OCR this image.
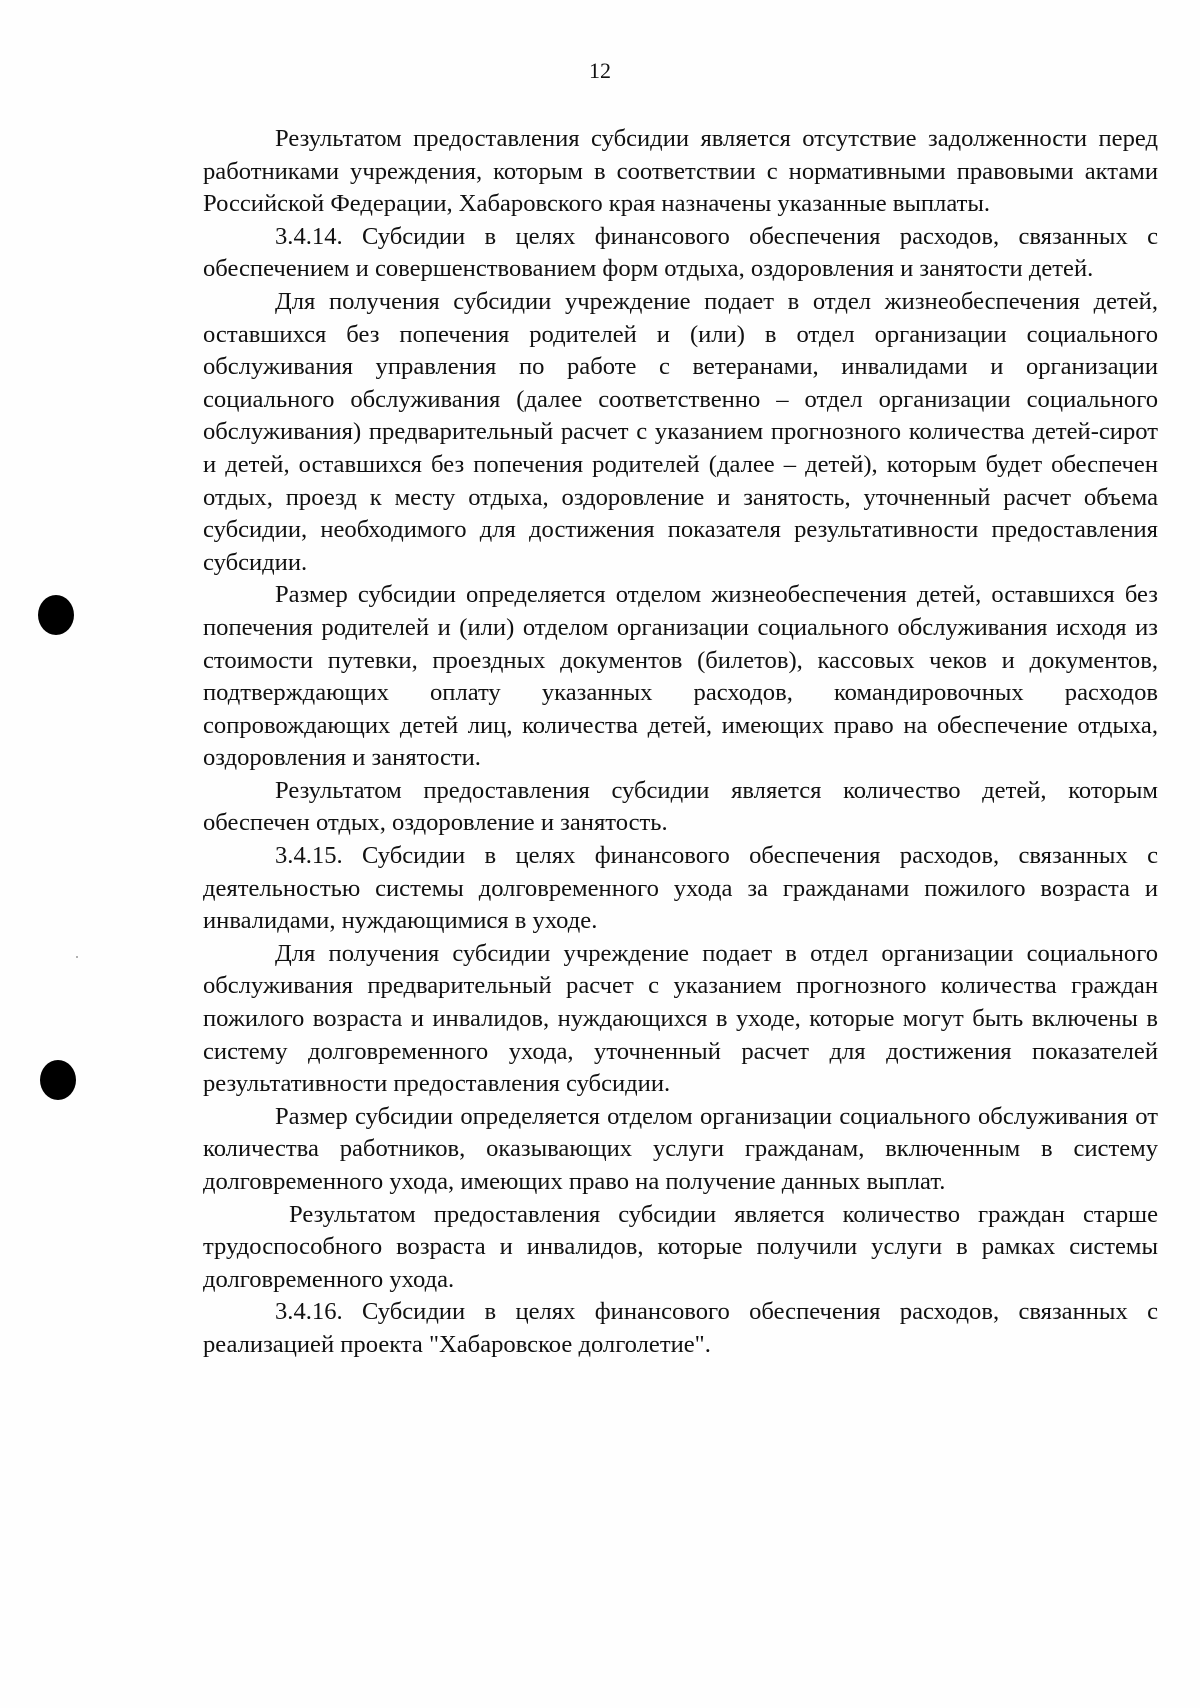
12

Результатом предоставления субсидии является отсутствие задолженности перед работниками учреждения, которым в соответствии с нормативными правовыми актами Российской Федерации, Хабаровского края назначены указанные выплаты.

3.4.14. Субсидии в целях финансового обеспечения расходов, связанных с обеспечением и совершенствованием форм отдыха, оздоровления и занятости детей.

Для получения субсидии учреждение подает в отдел жизнеобеспечения детей, оставшихся без попечения родителей и (или) в отдел организации социального обслуживания управления по работе с ветеранами, инвалидами и организации социального обслуживания (далее соответственно – отдел организации социального обслуживания) предварительный расчет с указанием прогнозного количества детей-сирот и детей, оставшихся без попечения родителей (далее – детей), которым будет обеспечен отдых, проезд к месту отдыха, оздоровление и занятость, уточненный расчет объема субсидии, необходимого для достижения показателя результативности предоставления субсидии.

Размер субсидии определяется отделом жизнеобеспечения детей, оставшихся без попечения родителей и (или) отделом организации социального обслуживания исходя из стоимости путевки, проездных документов (билетов), кассовых чеков и документов, подтверждающих оплату указанных расходов, командировочных расходов сопровождающих детей лиц, количества детей, имеющих право на обеспечение отдыха, оздоровления и занятости.

Результатом предоставления субсидии является количество детей, которым обеспечен отдых, оздоровление и занятость.

3.4.15. Субсидии в целях финансового обеспечения расходов, связанных с деятельностью системы долговременного ухода за гражданами пожилого возраста и инвалидами, нуждающимися в уходе.

Для получения субсидии учреждение подает в отдел организации социального обслуживания предварительный расчет с указанием прогнозного количества граждан пожилого возраста и инвалидов, нуждающихся в уходе, которые могут быть включены в систему долговременного ухода, уточненный расчет для достижения показателей результативности предоставления субсидии.

Размер субсидии определяется отделом организации социального обслуживания от количества работников, оказывающих услуги гражданам, включенным в систему долговременного ухода, имеющих право на получение данных выплат.

Результатом предоставления субсидии является количество граждан старше трудоспособного возраста и инвалидов, которые получили услуги в рамках системы долговременного ухода.

3.4.16. Субсидии в целях финансового обеспечения расходов, связанных с реализацией проекта "Хабаровское долголетие".
